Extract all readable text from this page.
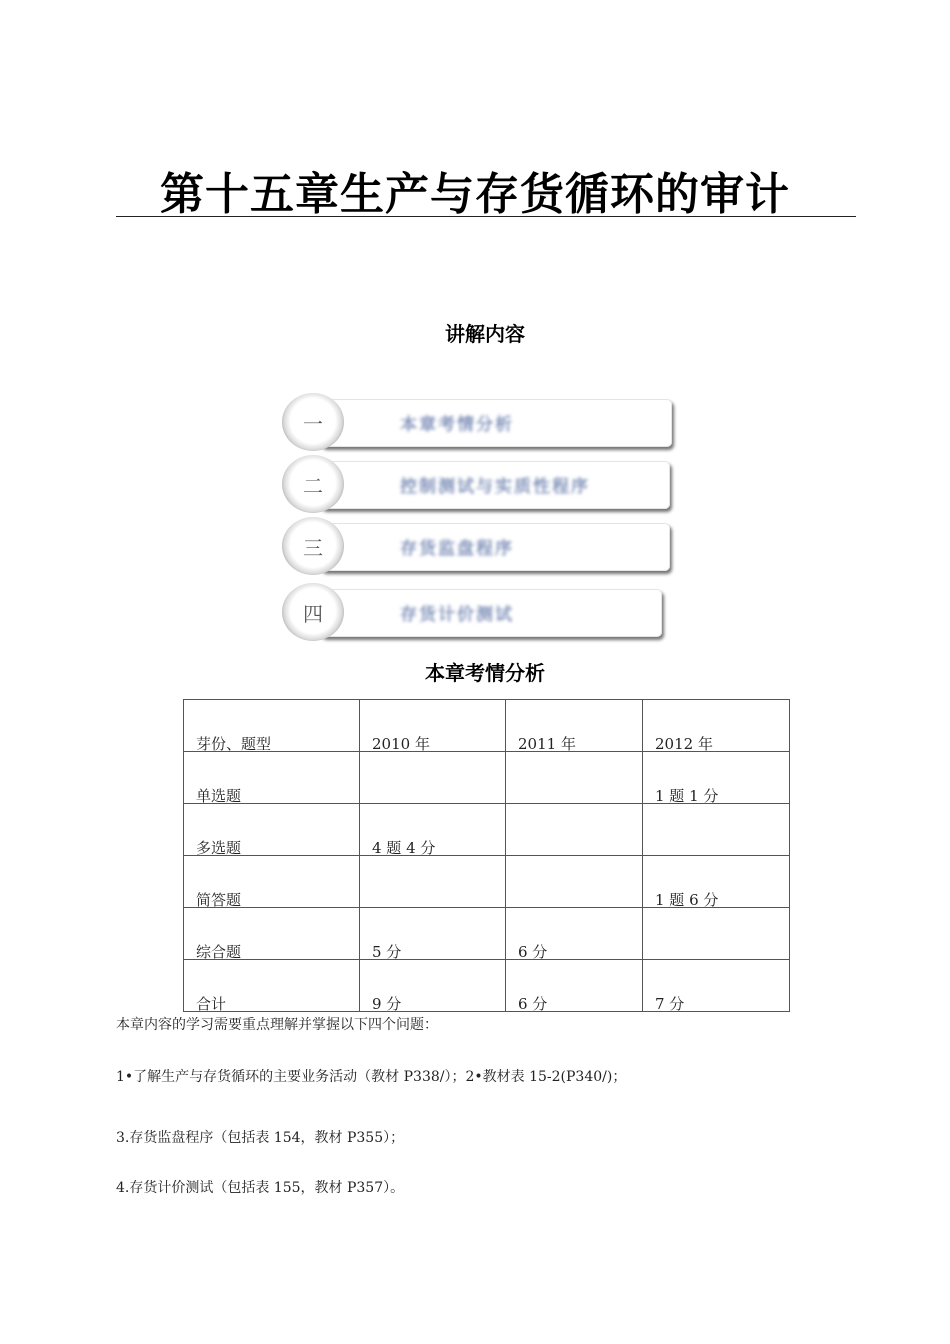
第十五章生产与存货循环的审计
讲解内容
一	本章考情分析
二	控制测试与实质性程序
三	存货监盘程序
四	存货计价测试
本章考情分析
芽份、题型	2010 年	2011 年	2012 年

单选题			1 题 1 分

多选题	4 题 4 分		

简答题			1 题 6 分

综合题	5 分	6 分	

合计	9 分	6 分	7 分
本章内容的学习需要重点理解并掌握以下四个问题：
1•了解生产与存货循环的主要业务活动（教材 P338/）；2•教材表 15-2(P340/)；
3.存货监盘程序（包括表 154，教材 P355）；
4.存货计价测试（包括表 155，教材 P357）。
